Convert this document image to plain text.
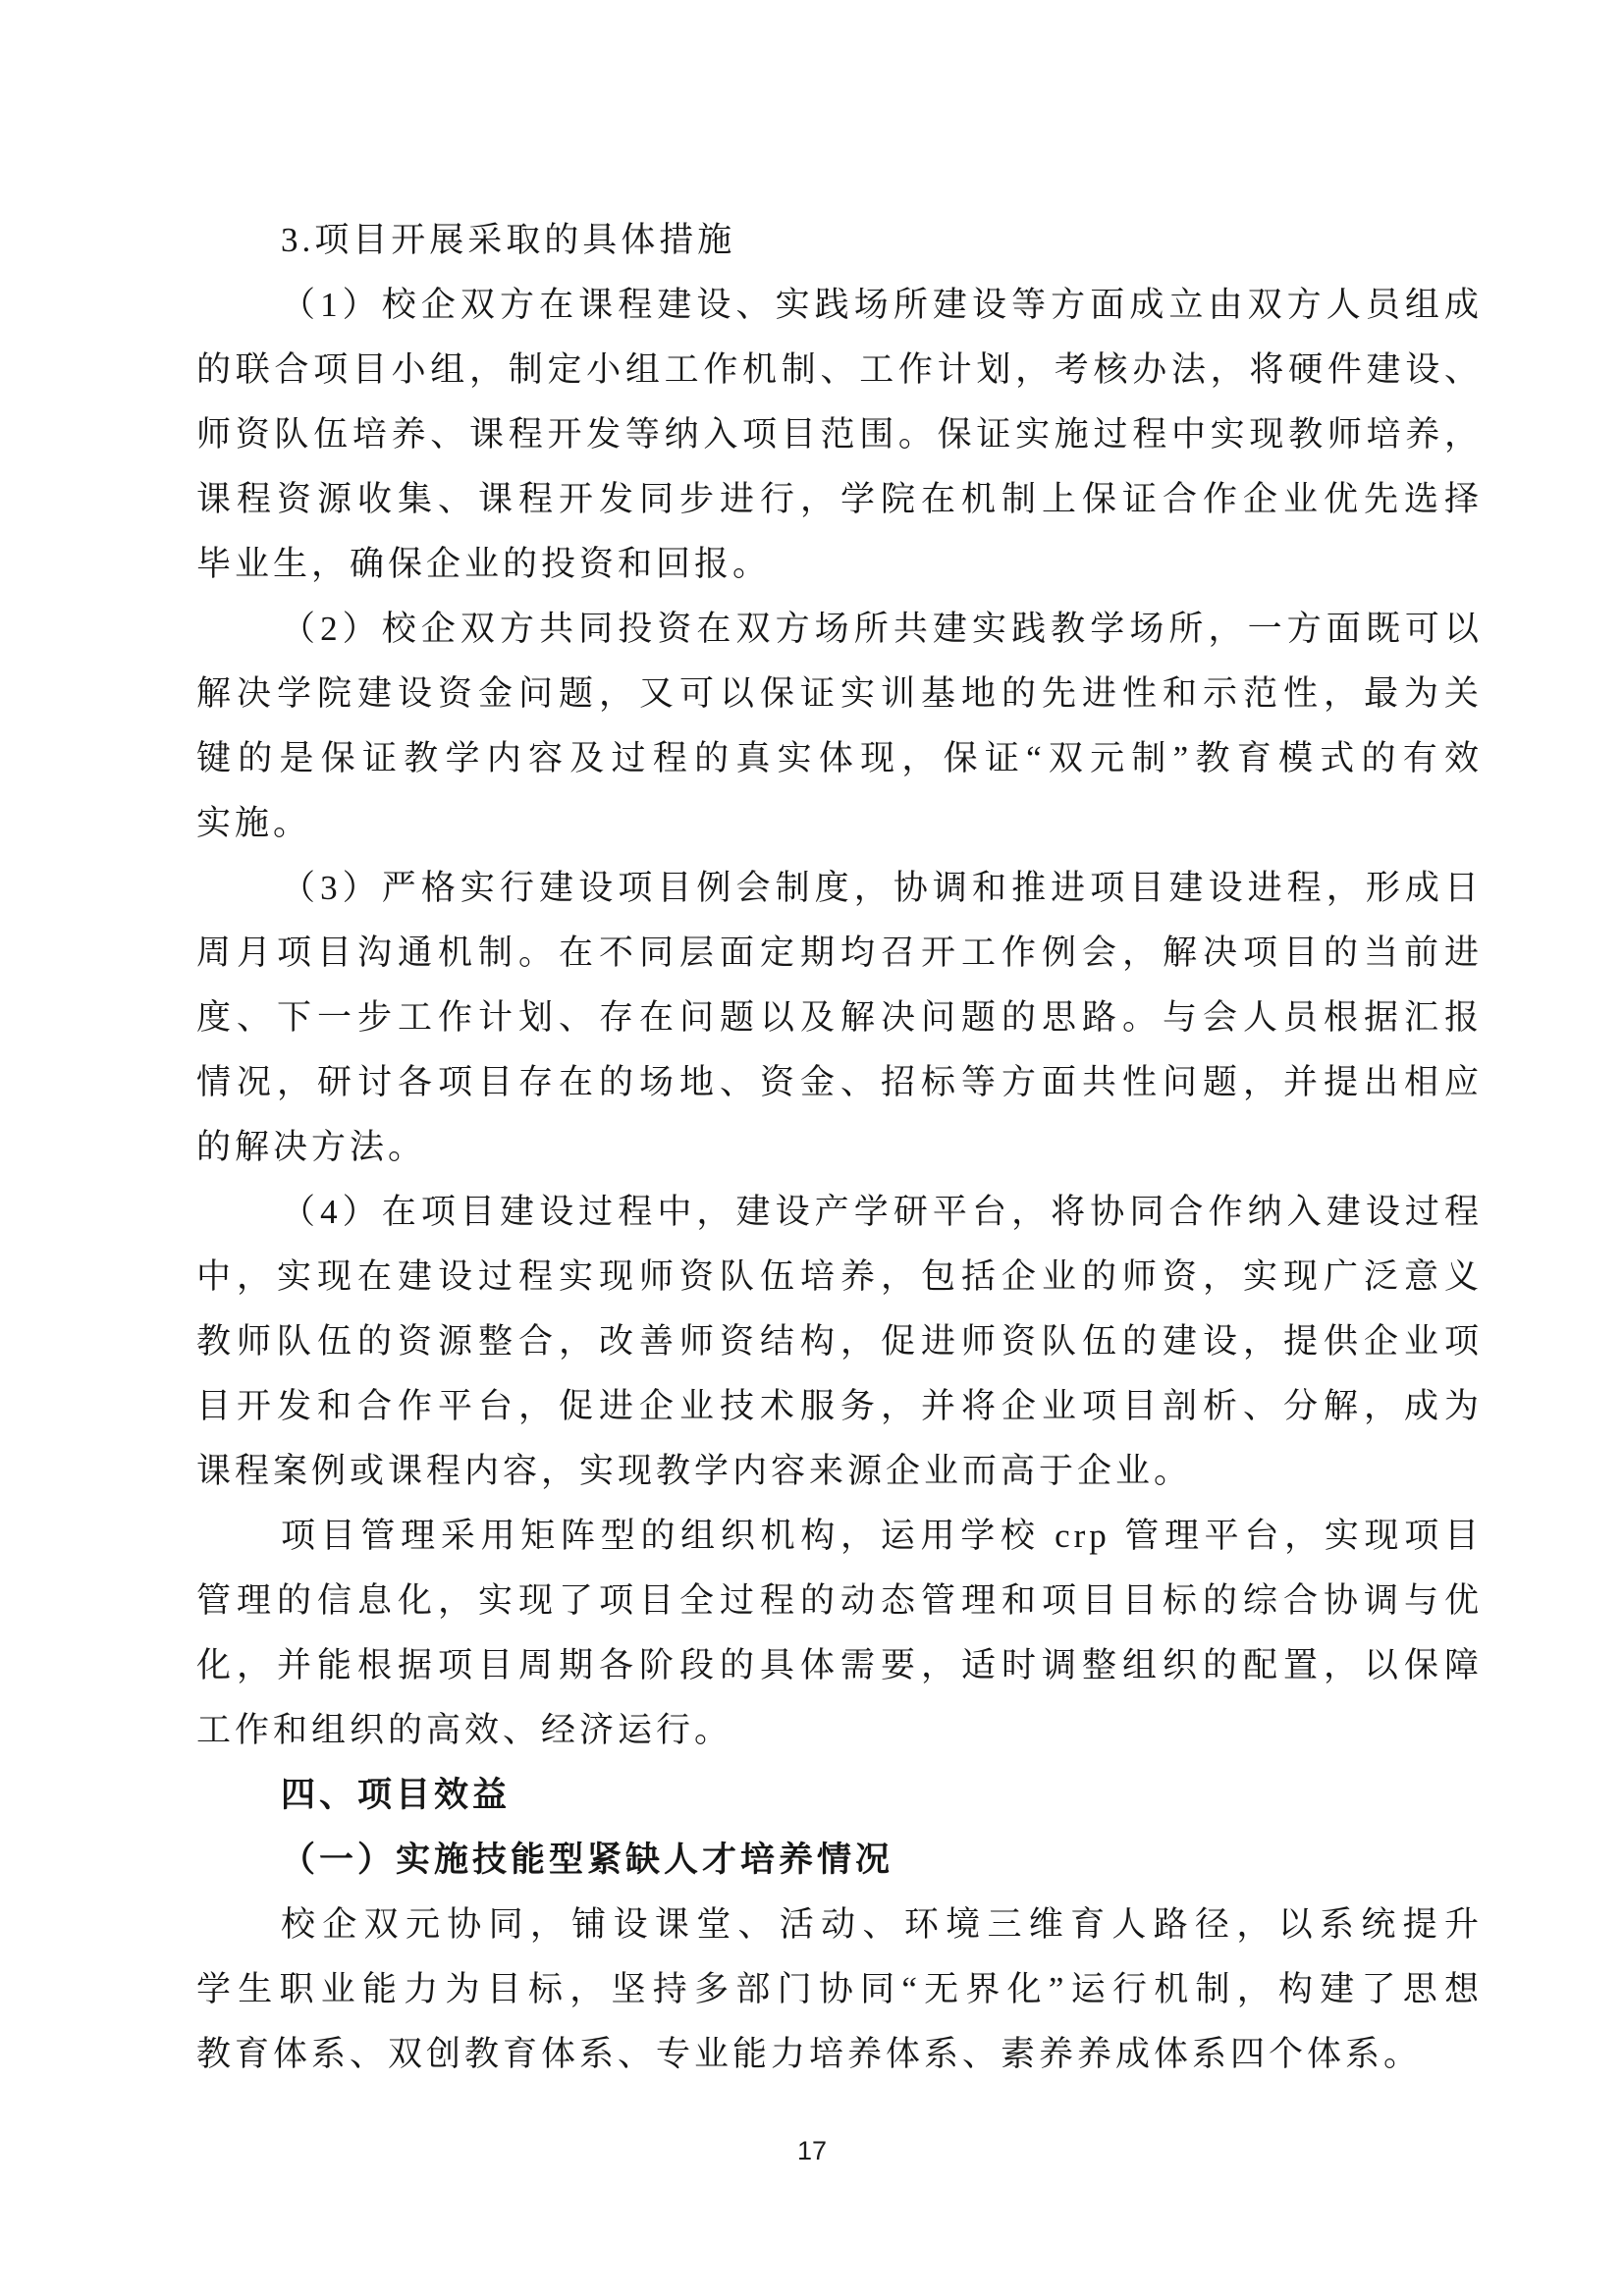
3.项目开展采取的具体措施
（1）校企双方在课程建设、实践场所建设等方面成立由双方人员组成
的联合项目小组，制定小组工作机制、工作计划，考核办法，将硬件建设、
师资队伍培养、课程开发等纳入项目范围。保证实施过程中实现教师培养，
课程资源收集、课程开发同步进行，学院在机制上保证合作企业优先选择
毕业生，确保企业的投资和回报。
（2）校企双方共同投资在双方场所共建实践教学场所，一方面既可以
解决学院建设资金问题，又可以保证实训基地的先进性和示范性，最为关
键的是保证教学内容及过程的真实体现，保证“双元制”教育模式的有效
实施。
（3）严格实行建设项目例会制度，协调和推进项目建设进程，形成日
周月项目沟通机制。在不同层面定期均召开工作例会，解决项目的当前进
度、下一步工作计划、存在问题以及解决问题的思路。与会人员根据汇报
情况，研讨各项目存在的场地、资金、招标等方面共性问题，并提出相应
的解决方法。
（4）在项目建设过程中，建设产学研平台，将协同合作纳入建设过程
中，实现在建设过程实现师资队伍培养，包括企业的师资，实现广泛意义
教师队伍的资源整合，改善师资结构，促进师资队伍的建设，提供企业项
目开发和合作平台，促进企业技术服务，并将企业项目剖析、分解，成为
课程案例或课程内容，实现教学内容来源企业而高于企业。
项目管理采用矩阵型的组织机构，运用学校 crp 管理平台，实现项目
管理的信息化，实现了项目全过程的动态管理和项目目标的综合协调与优
化，并能根据项目周期各阶段的具体需要，适时调整组织的配置，以保障
工作和组织的高效、经济运行。
四、项目效益
（一）实施技能型紧缺人才培养情况
校企双元协同，铺设课堂、活动、环境三维育人路径，以系统提升
学生职业能力为目标，坚持多部门协同“无界化”运行机制，构建了思想
教育体系、双创教育体系、专业能力培养体系、素养养成体系四个体系。
17
